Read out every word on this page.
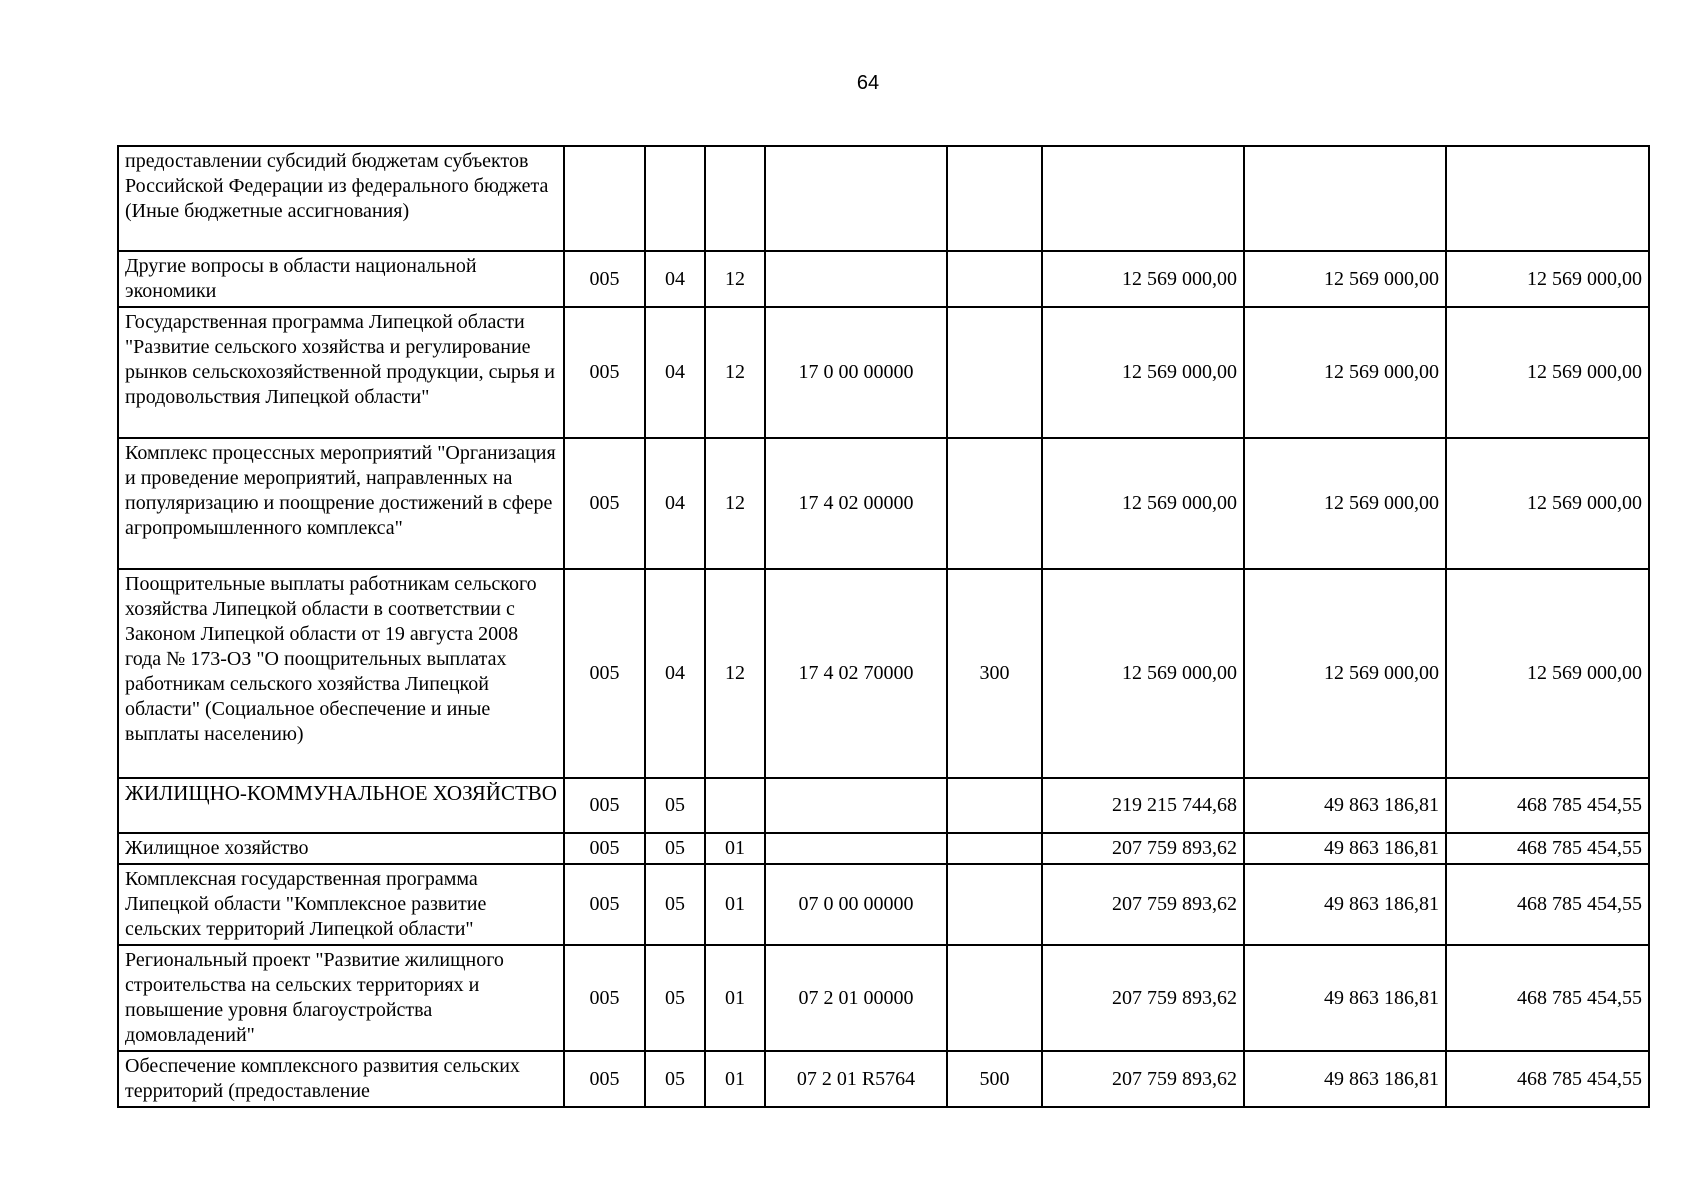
64
предоставлении субсидий бюджетам субъектов Российской Федерации из федерального бюджета (Иные бюджетные ассигнования)								
Другие вопросы в области национальной экономики	005	04	12			12 569 000,00	12 569 000,00	12 569 000,00
Государственная программа Липецкой области "Развитие сельского хозяйства и регулирование рынков сельскохозяйственной продукции, сырья и продовольствия Липецкой области"	005	04	12	17 0 00 00000		12 569 000,00	12 569 000,00	12 569 000,00
Комплекс процессных мероприятий "Организация и проведение мероприятий, направленных на популяризацию и поощрение достижений в сфере агропромышленного комплекса"	005	04	12	17 4 02 00000		12 569 000,00	12 569 000,00	12 569 000,00
Поощрительные выплаты работникам сельского хозяйства Липецкой области в соответствии с Законом Липецкой области от 19 августа 2008 года № 173-ОЗ "О поощрительных выплатах работникам сельского хозяйства Липецкой области" (Социальное обеспечение и иные выплаты населению)	005	04	12	17 4 02 70000	300	12 569 000,00	12 569 000,00	12 569 000,00
ЖИЛИЩНО-КОММУНАЛЬНОЕ ХОЗЯЙСТВО	005	05				219 215 744,68	49 863 186,81	468 785 454,55
Жилищное хозяйство	005	05	01			207 759 893,62	49 863 186,81	468 785 454,55
Комплексная государственная программа Липецкой области "Комплексное развитие сельских территорий Липецкой области"	005	05	01	07 0 00 00000		207 759 893,62	49 863 186,81	468 785 454,55
Региональный проект "Развитие жилищного строительства на сельских территориях и повышение уровня благоустройства домовладений"	005	05	01	07 2 01 00000		207 759 893,62	49 863 186,81	468 785 454,55
Обеспечение комплексного развития сельских территорий (предоставление	005	05	01	07 2 01 R5764	500	207 759 893,62	49 863 186,81	468 785 454,55
